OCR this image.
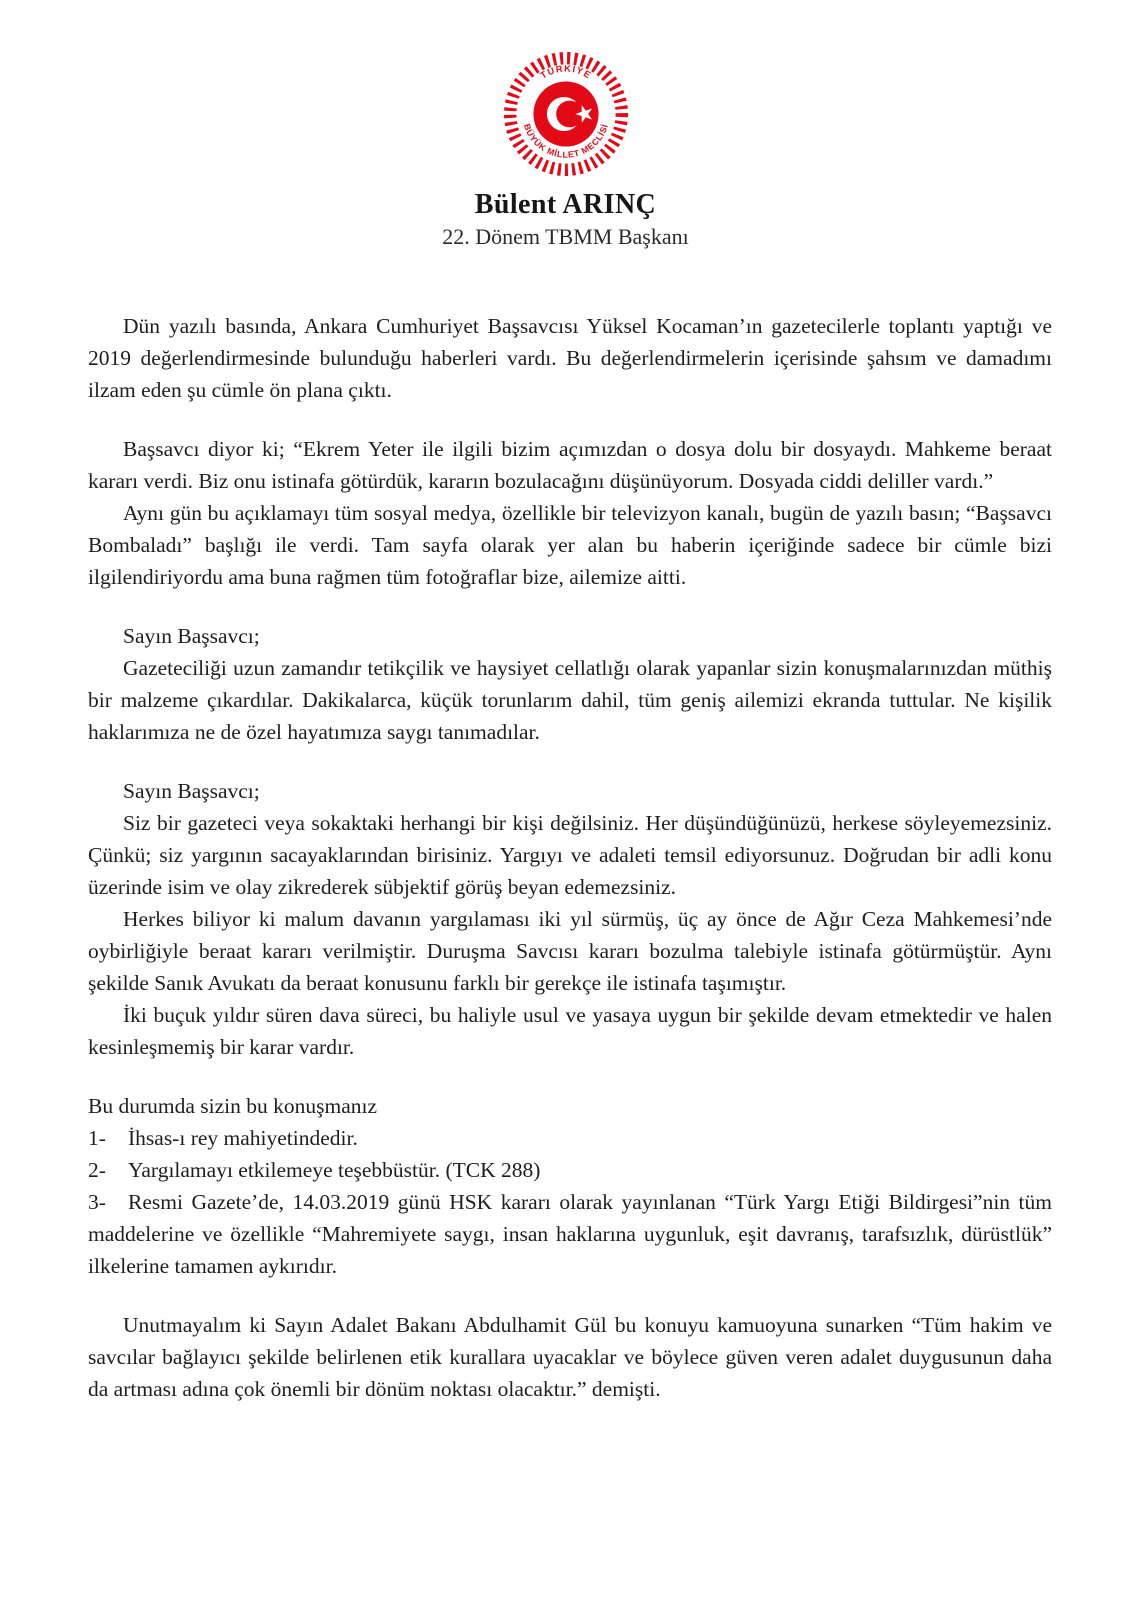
TÜRKİYE
BÜYÜK MİLLET MECLİSİ
Bülent ARINÇ
22. Dönem TBMM Başkanı

Dün yazılı basında, Ankara Cumhuriyet Başsavcısı Yüksel Kocaman’ın gazetecilerle toplantı yaptığı ve 2019 değerlendirmesinde bulunduğu haberleri vardı. Bu değerlendirmelerin içerisinde şahsım ve damadımı ilzam eden şu cümle ön plana çıktı.

Başsavcı diyor ki; “Ekrem Yeter ile ilgili bizim açımızdan o dosya dolu bir dosyaydı. Mahkeme beraat kararı verdi. Biz onu istinafa götürdük, kararın bozulacağını düşünüyorum. Dosyada ciddi deliller vardı.”

Aynı gün bu açıklamayı tüm sosyal medya, özellikle bir televizyon kanalı, bugün de yazılı basın; “Başsavcı Bombaladı” başlığı ile verdi. Tam sayfa olarak yer alan bu haberin içeriğinde sadece bir cümle bizi ilgilendiriyordu ama buna rağmen tüm fotoğraflar bize, ailemize aitti.

Sayın Başsavcı;

Gazeteciliği uzun zamandır tetikçilik ve haysiyet cellatlığı olarak yapanlar sizin konuşmalarınızdan müthiş bir malzeme çıkardılar. Dakikalarca, küçük torunlarım dahil, tüm geniş ailemizi ekranda tuttular. Ne kişilik haklarımıza ne de özel hayatımıza saygı tanımadılar.

Sayın Başsavcı;

Siz bir gazeteci veya sokaktaki herhangi bir kişi değilsiniz. Her düşündüğünüzü, herkese söyleyemezsiniz. Çünkü; siz yargının sacayaklarından birisiniz. Yargıyı ve adaleti temsil ediyorsunuz. Doğrudan bir adli konu üzerinde isim ve olay zikrederek sübjektif görüş beyan edemezsiniz.

Herkes biliyor ki malum davanın yargılaması iki yıl sürmüş, üç ay önce de Ağır Ceza Mahkemesi’nde oybirliğiyle beraat kararı verilmiştir. Duruşma Savcısı kararı bozulma talebiyle istinafa götürmüştür. Aynı şekilde Sanık Avukatı da beraat konusunu farklı bir gerekçe ile istinafa taşımıştır.

İki buçuk yıldır süren dava süreci, bu haliyle usul ve yasaya uygun bir şekilde devam etmektedir ve halen kesinleşmemiş bir karar vardır.

Bu durumda sizin bu konuşmanız

1- İhsas-ı rey mahiyetindedir.

2- Yargılamayı etkilemeye teşebbüstür. (TCK 288)

3- Resmi Gazete’de, 14.03.2019 günü HSK kararı olarak yayınlanan “Türk Yargı Etiği Bildirgesi”nin tüm maddelerine ve özellikle “Mahremiyete saygı, insan haklarına uygunluk, eşit davranış, tarafsızlık, dürüstlük” ilkelerine tamamen aykırıdır.

Unutmayalım ki Sayın Adalet Bakanı Abdulhamit Gül bu konuyu kamuoyuna sunarken “Tüm hakim ve savcılar bağlayıcı şekilde belirlenen etik kurallara uyacaklar ve böylece güven veren adalet duygusunun daha da artması adına çok önemli bir dönüm noktası olacaktır.” demişti.
